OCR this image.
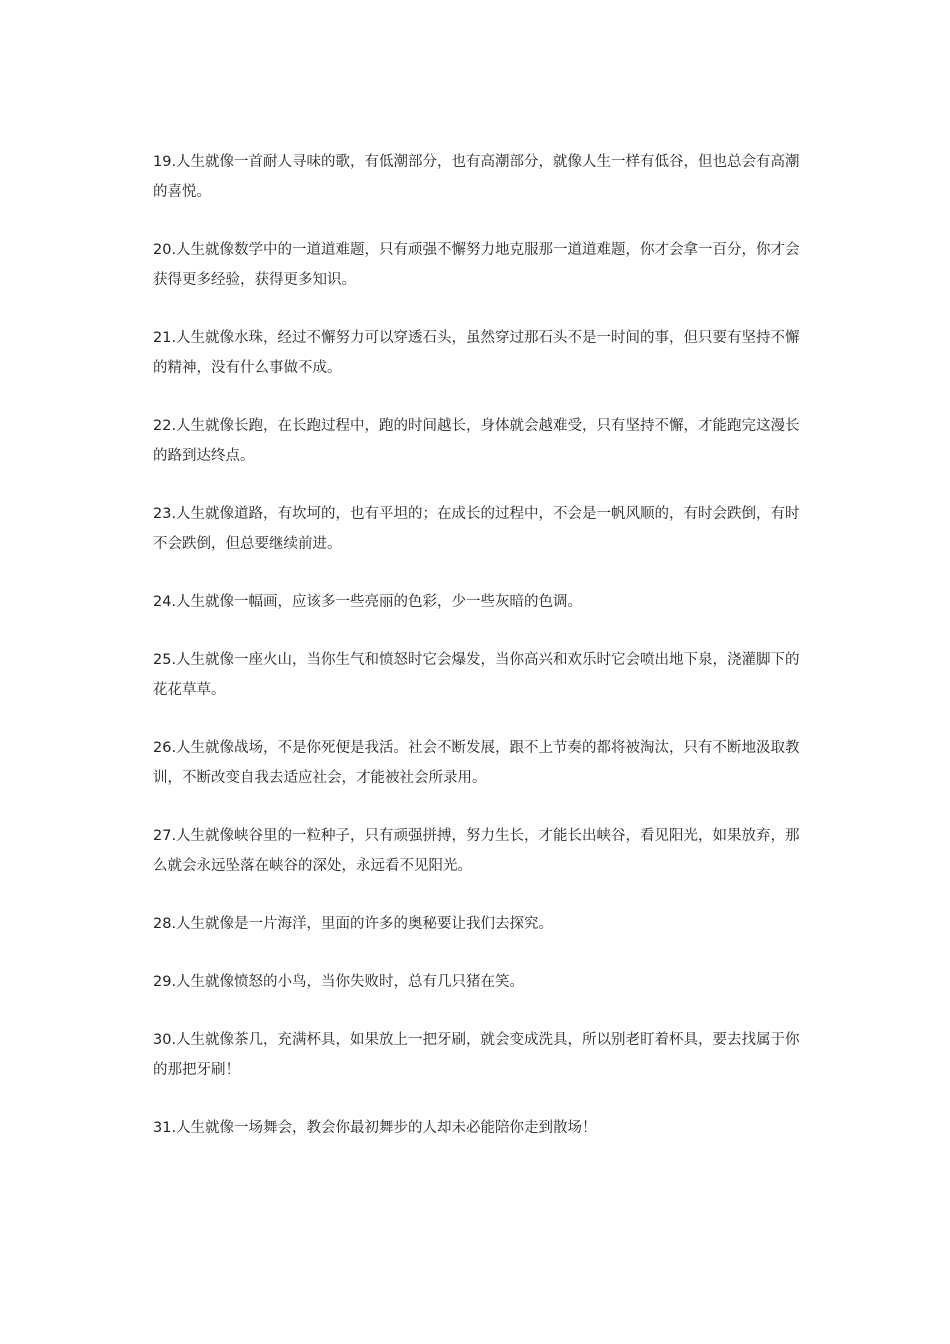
19.人生就像一首耐人寻味的歌，有低潮部分，也有高潮部分，就像人生一样有低谷，但也总会有高潮的喜悦。

20.人生就像数学中的一道道难题，只有顽强不懈努力地克服那一道道难题，你才会拿一百分，你才会获得更多经验，获得更多知识。

21.人生就像水珠，经过不懈努力可以穿透石头，虽然穿过那石头不是一时间的事，但只要有坚持不懈的精神，没有什么事做不成。

22.人生就像长跑，在长跑过程中，跑的时间越长，身体就会越难受，只有坚持不懈，才能跑完这漫长的路到达终点。

23.人生就像道路，有坎坷的，也有平坦的；在成长的过程中，不会是一帆风顺的，有时会跌倒，有时不会跌倒，但总要继续前进。

24.人生就像一幅画，应该多一些亮丽的色彩，少一些灰暗的色调。

25.人生就像一座火山，当你生气和愤怒时它会爆发，当你高兴和欢乐时它会喷出地下泉，浇灌脚下的花花草草。

26.人生就像战场，不是你死便是我活。社会不断发展，跟不上节奏的都将被淘汰，只有不断地汲取教训，不断改变自我去适应社会，才能被社会所录用。

27.人生就像峡谷里的一粒种子，只有顽强拼搏，努力生长，才能长出峡谷，看见阳光，如果放弃，那么就会永远坠落在峡谷的深处，永远看不见阳光。

28.人生就像是一片海洋，里面的许多的奥秘要让我们去探究。

29.人生就像愤怒的小鸟，当你失败时，总有几只猪在笑。

30.人生就像茶几，充满杯具，如果放上一把牙刷，就会变成洗具，所以别老盯着杯具，要去找属于你的那把牙刷！

31.人生就像一场舞会，教会你最初舞步的人却未必能陪你走到散场！
